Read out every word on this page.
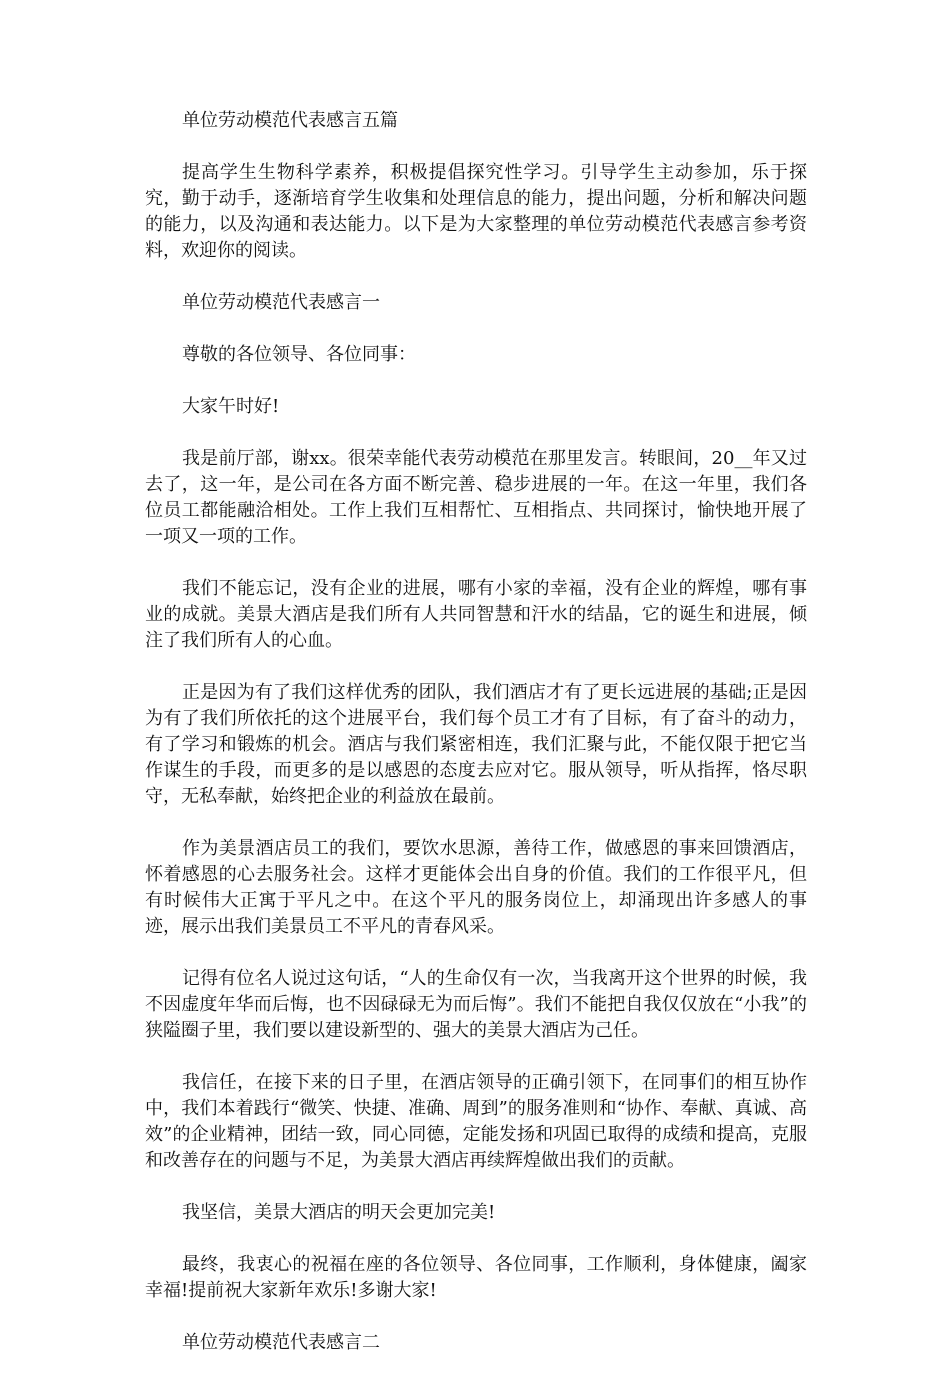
单位劳动模范代表感言五篇

提高学生生物科学素养，积极提倡探究性学习。引导学生主动参加，乐于探究，勤于动手，逐渐培育学生收集和处理信息的能力，提出问题，分析和解决问题的能力，以及沟通和表达能力。以下是为大家整理的单位劳动模范代表感言参考资料，欢迎你的阅读。

单位劳动模范代表感言一

尊敬的各位领导、各位同事：

大家午时好!

我是前厅部，谢xx。很荣幸能代表劳动模范在那里发言。转眼间，20__年又过去了，这一年，是公司在各方面不断完善、稳步进展的一年。在这一年里，我们各位员工都能融洽相处。工作上我们互相帮忙、互相指点、共同探讨，愉快地开展了一项又一项的工作。

我们不能忘记，没有企业的进展，哪有小家的幸福，没有企业的辉煌，哪有事业的成就。美景大酒店是我们所有人共同智慧和汗水的结晶，它的诞生和进展，倾注了我们所有人的心血。

正是因为有了我们这样优秀的团队，我们酒店才有了更长远进展的基础;正是因为有了我们所依托的这个进展平台，我们每个员工才有了目标，有了奋斗的动力，有了学习和锻炼的机会。酒店与我们紧密相连，我们汇聚与此，不能仅限于把它当作谋生的手段，而更多的是以感恩的态度去应对它。服从领导，听从指挥，恪尽职守，无私奉献，始终把企业的利益放在最前。

作为美景酒店员工的我们，要饮水思源，善待工作，做感恩的事来回馈酒店，怀着感恩的心去服务社会。这样才更能体会出自身的价值。我们的工作很平凡，但有时候伟大正寓于平凡之中。在这个平凡的服务岗位上，却涌现出许多感人的事迹，展示出我们美景员工不平凡的青春风采。

记得有位名人说过这句话，“人的生命仅有一次，当我离开这个世界的时候，我不因虚度年华而后悔，也不因碌碌无为而后悔”。我们不能把自我仅仅放在“小我”的狭隘圈子里，我们要以建设新型的、强大的美景大酒店为己任。

我信任，在接下来的日子里，在酒店领导的正确引领下，在同事们的相互协作中，我们本着践行“微笑、快捷、准确、周到”的服务准则和“协作、奉献、真诚、高效”的企业精神，团结一致，同心同德，定能发扬和巩固已取得的成绩和提高，克服和改善存在的问题与不足，为美景大酒店再续辉煌做出我们的贡献。

我坚信，美景大酒店的明天会更加完美!

最终，我衷心的祝福在座的各位领导、各位同事，工作顺利，身体健康，阖家幸福!提前祝大家新年欢乐!多谢大家!

单位劳动模范代表感言二
